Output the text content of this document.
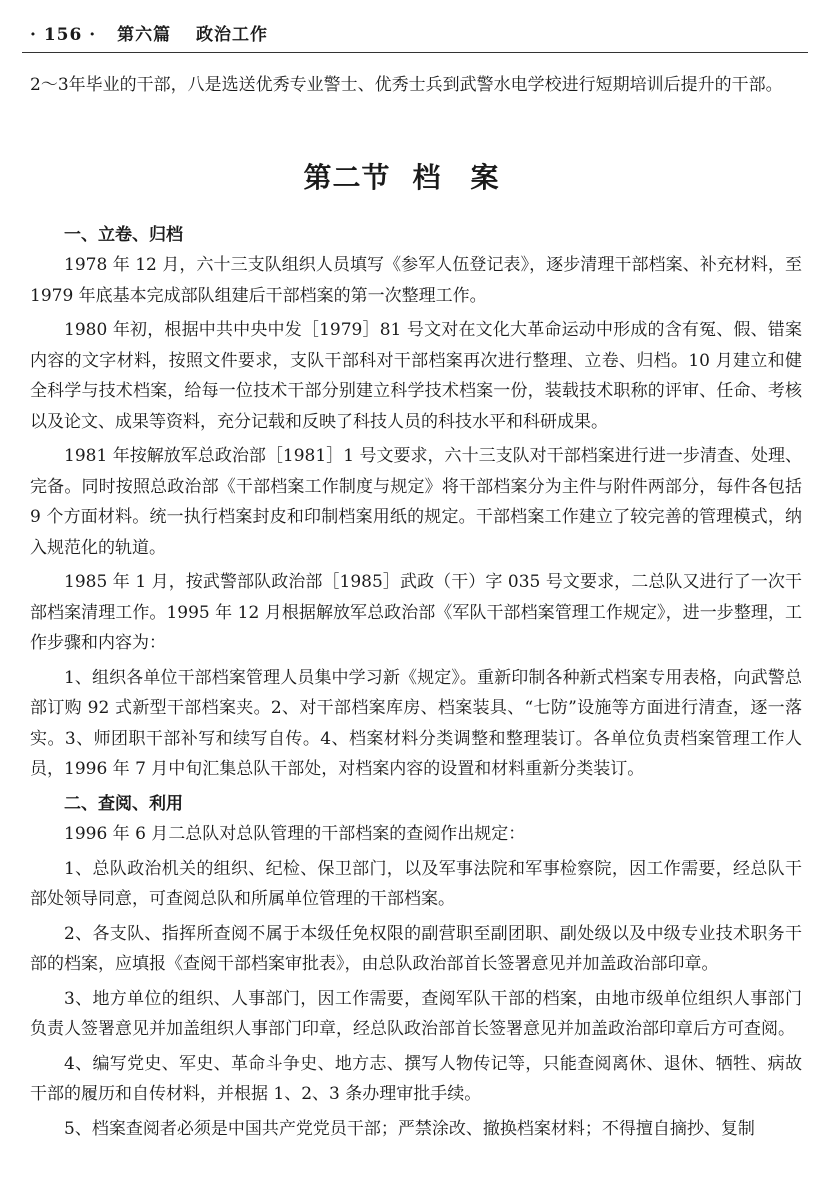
· 156 · 第六篇 政治工作

2～3年毕业的干部，八是选送优秀专业警士、优秀士兵到武警水电学校进行短期培训后提升的干部。

第二节 档案
一、立卷、归档

1978 年 12 月，六十三支队组织人员填写《参军人伍登记表》，逐步清理干部档案、补充材料，至 1979 年底基本完成部队组建后干部档案的第一次整理工作。

1980 年初，根据中共中央中发［1979］81 号文对在文化大革命运动中形成的含有冤、假、错案内容的文字材料，按照文件要求，支队干部科对干部档案再次进行整理、立卷、归档。10 月建立和健全科学与技术档案，给每一位技术干部分别建立科学技术档案一份，装载技术职称的评审、任命、考核以及论文、成果等资料，充分记载和反映了科技人员的科技水平和科研成果。

1981 年按解放军总政治部［1981］1 号文要求，六十三支队对干部档案进行进一步清查、处理、完备。同时按照总政治部《干部档案工作制度与规定》将干部档案分为主件与附件两部分，每件各包括 9 个方面材料。统一执行档案封皮和印制档案用纸的规定。干部档案工作建立了较完善的管理模式，纳入规范化的轨道。

1985 年 1 月，按武警部队政治部［1985］武政（干）字 035 号文要求，二总队又进行了一次干部档案清理工作。1995 年 12 月根据解放军总政治部《军队干部档案管理工作规定》，进一步整理，工作步骤和内容为：

1、组织各单位干部档案管理人员集中学习新《规定》。重新印制各种新式档案专用表格，向武警总部订购 92 式新型干部档案夹。2、对干部档案库房、档案装具、“七防”设施等方面进行清查，逐一落实。3、师团职干部补写和续写自传。4、档案材料分类调整和整理装订。各单位负责档案管理工作人员，1996 年 7 月中旬汇集总队干部处，对档案内容的设置和材料重新分类装订。

二、查阅、利用

1996 年 6 月二总队对总队管理的干部档案的查阅作出规定：

1、总队政治机关的组织、纪检、保卫部门，以及军事法院和军事检察院，因工作需要，经总队干部处领导同意，可查阅总队和所属单位管理的干部档案。

2、各支队、指挥所查阅不属于本级任免权限的副营职至副团职、副处级以及中级专业技术职务干部的档案，应填报《查阅干部档案审批表》，由总队政治部首长签署意见并加盖政治部印章。

3、地方单位的组织、人事部门，因工作需要，查阅军队干部的档案，由地市级单位组织人事部门负责人签署意见并加盖组织人事部门印章，经总队政治部首长签署意见并加盖政治部印章后方可查阅。

4、编写党史、军史、革命斗争史、地方志、撰写人物传记等，只能查阅离休、退休、牺牲、病故干部的履历和自传材料，并根据 1、2、3 条办理审批手续。

5、档案查阅者必须是中国共产党党员干部；严禁涂改、撤换档案材料；不得擅自摘抄、复制
